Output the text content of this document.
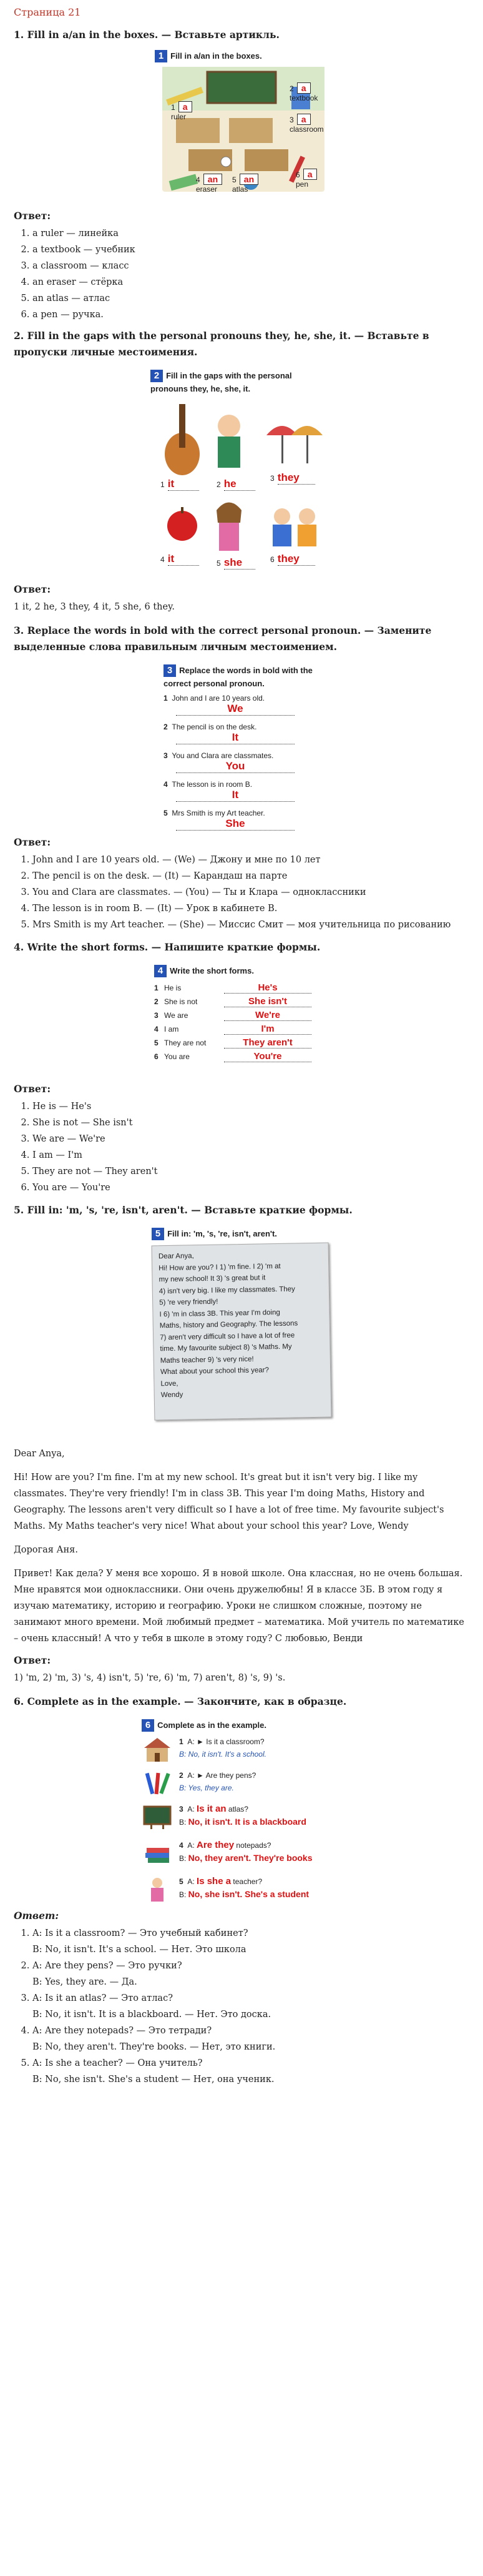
Страница 21
1. Fill in a/an in the boxes. — Вставьте артикль.
1 Fill in a/an in the boxes.
1 a
ruler
2 a
textbook
3 a
classroom
4 an
eraser
5 an
atlas
6 a
pen
Ответ:
1. a ruler — линейка
2. a textbook — учебник
3. a classroom — класс
4. an eraser — стёрка
5. an atlas — атлас
6. a pen — ручка.
2. Fill in the gaps with the personal pronouns they, he, she, it. — Вставьте в пропуски личные местоимения.
2 Fill in the gaps with the personal pronouns they, he, she, it.
1 it	2 he	3 they
4 it	5 she	6 they
Ответ:

1 it, 2 he, 3 they, 4 it, 5 she, 6 they.

3. Replace the words in bold with the correct personal pronoun. — Замените выделенные слова правильным личным местоимением.
3 Replace the words in bold with the correct personal pronoun.
1 John and I are 10 years old.
We
2 The pencil is on the desk.
It
3 You and Clara are classmates.
You
4 The lesson is in room B.
It
5 Mrs Smith is my Art teacher.
She
Ответ:
1. John and I are 10 years old. — (We) — Джону и мне по 10 лет
2. The pencil is on the desk. — (It) — Карандаш на парте
3. You and Clara are classmates. — (You) — Ты и Клара — одноклассники
4. The lesson is in room B. — (It) — Урок в кабинете В.
5. Mrs Smith is my Art teacher. — (She) — Миссис Смит — моя учительница по рисованию
4. Write the short forms. — Напишите краткие формы.
4 Write the short forms.
1 He is	He's
2 She is not	She isn't
3 We are	We're
4 I am	I'm
5 They are not	They aren't
6 You are	You're
Ответ:
1. He is — He's
2. She is not — She isn't
3. We are — We're
4. I am — I'm
5. They are not — They aren't
6. You are — You're
5. Fill in: 'm, 's, 're, isn't, aren't. — Вставьте краткие формы.
5 Fill in: 'm, 's, 're, isn't, aren't.
Dear Anya,
Hi! How are you? I 1) 'm fine. I 2) 'm at
my new school! It 3) 's great but it
4) isn't very big. I like my classmates. They
5) 're very friendly!
I 6) 'm in class 3B. This year I'm doing
Maths, history and Geography. The lessons
7) aren't very difficult so I have a lot of free
time. My favourite subject 8) 's Maths. My
Maths teacher 9) 's very nice!
What about your school this year?
Love,
Wendy

Dear Anya,

Hi! How are you? I'm fine. I'm at my new school. It's great but it isn't very big. I like my classmates. They're very friendly! I'm in class 3B. This year I'm doing Maths, History and Geography. The lessons aren't very difficult so I have a lot of free time. My favourite subject's Maths. My Maths teacher's very nice! What about your school this year? Love, Wendy

Дорогая Аня.

Привет! Как дела? У меня все хорошо. Я в новой школе. Она классная, но не очень большая. Мне нравятся мои одноклассники. Они очень дружелюбны! Я в классе 3Б. В этом году я изучаю математику, историю и географию. Уроки не слишком сложные, поэтому не занимают много времени. Мой любимый предмет – математика. Мой учитель по математике – очень классный! А что у тебя в школе в этому году? С любовью, Венди

Ответ:

1) 'm, 2) 'm, 3) 's, 4) isn't, 5) 're, 6) 'm, 7) aren't, 8) 's, 9) 's.

6. Complete as in the example. — Закончите, как в образце.
6 Complete as in the example.
1 A: ► Is it a classroom?
B: No, it isn't. It's a school.
2 A: ► Are they pens?
B: Yes, they are.
3  A: Is it an atlas?
B: No, it isn't. It is a blackboard
4  A: Are they notepads?
B: No, they aren't. They're books
5  A: Is she a teacher?
B: No, she isn't. She's a student
Ответ:
1. A: Is it a classroom? — Это учебный кабинет?
B: No, it isn't. It's a school. — Нет. Это школа
2. A: Are they pens? — Это ручки?
B: Yes, they are. — Да.
3. A: Is it an atlas? — Это атлас?
B: No, it isn't. It is a blackboard. — Нет. Это доска.
4. A: Are they notepads? — Это тетради?
B: No, they aren't. They're books. — Нет, это книги.
5. A: Is she a teacher? — Она учитель?
B: No, she isn't. She's a student — Нет, она ученик.
